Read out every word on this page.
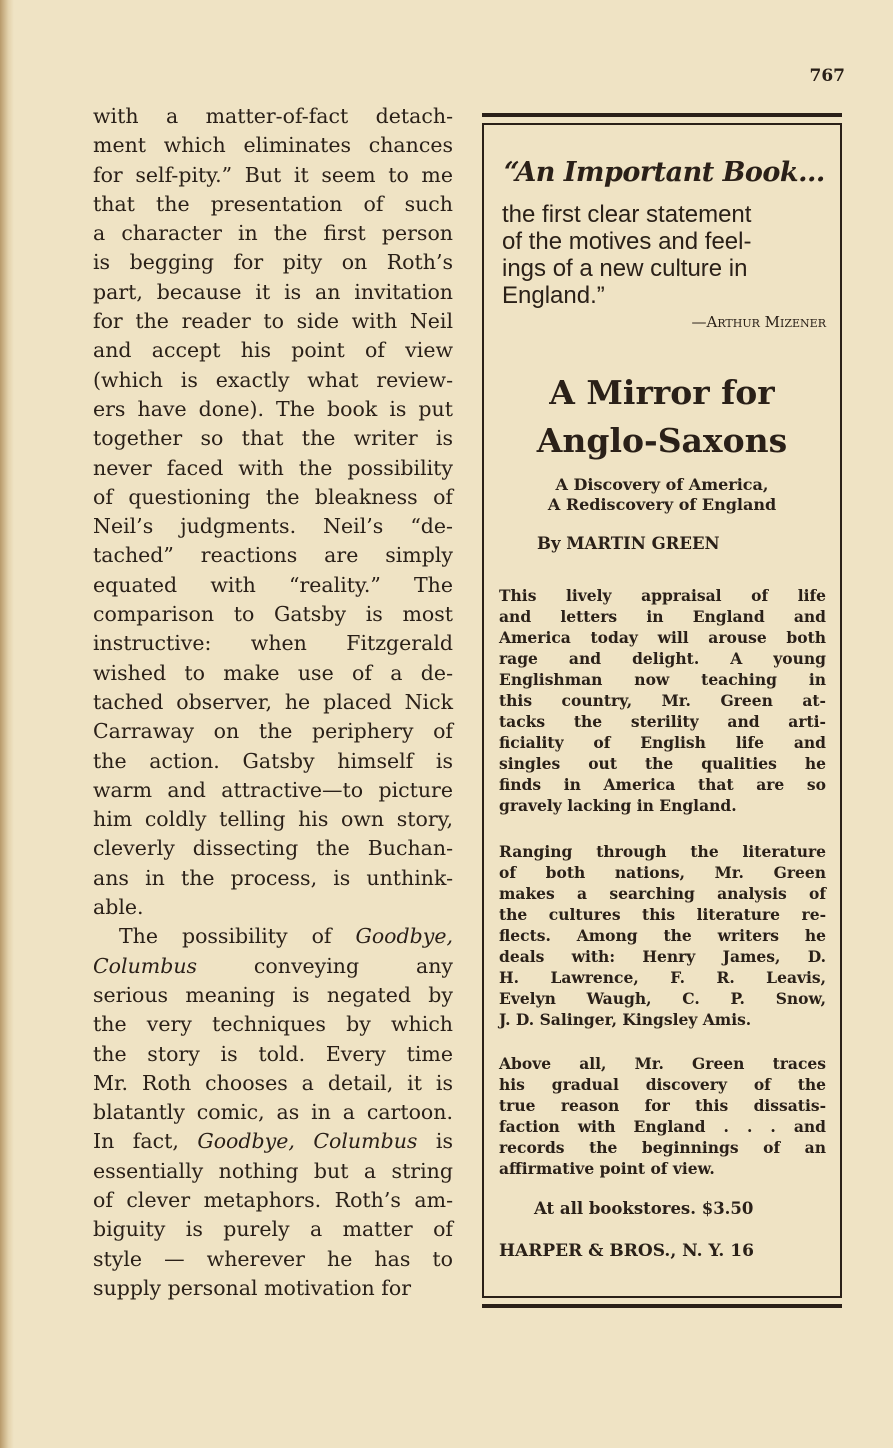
767
with a matter-of-fact detach-
ment which eliminates chances
for self-pity.” But it seem to me
that the presentation of such
a character in the first person
is begging for pity on Roth’s
part, because it is an invitation
for the reader to side with Neil
and accept his point of view
(which is exactly what review-
ers have done). The book is put
together so that the writer is
never faced with the possibility
of questioning the bleakness of
Neil’s judgments. Neil’s “de-
tached” reactions are simply
equated with “reality.” The
comparison to Gatsby is most
instructive: when Fitzgerald
wished to make use of a de-
tached observer, he placed Nick
Carraway on the periphery of
the action. Gatsby himself is
warm and attractive—to picture
him coldly telling his own story,
cleverly dissecting the Buchan-
ans in the process, is unthink-
able.
The possibility of Goodbye,
Columbus conveying any
serious meaning is negated by
the very techniques by which
the story is told. Every time
Mr. Roth chooses a detail, it is
blatantly comic, as in a cartoon.
In fact, Goodbye, Columbus is
essentially nothing but a string
of clever metaphors. Roth’s am-
biguity is purely a matter of
style — wherever he has to
supply personal motivation for
“An Important Book...
the first clear statement
of the motives and feel-
ings of a new culture in
England.”
—Arthur Mizener
A Mirror for
Anglo-Saxons
A Discovery of America,
A Rediscovery of England
By MARTIN GREEN
This lively appraisal of life
and letters in England and
America today will arouse both
rage and delight. A young
Englishman now teaching in
this country, Mr. Green at-
tacks the sterility and arti-
ficiality of English life and
singles out the qualities he
finds in America that are so
gravely lacking in England.
Ranging through the literature
of both nations, Mr. Green
makes a searching analysis of
the cultures this literature re-
flects. Among the writers he
deals with: Henry James, D.
H. Lawrence, F. R. Leavis,
Evelyn Waugh, C. P. Snow,
J. D. Salinger, Kingsley Amis.
Above all, Mr. Green traces
his gradual discovery of the
true reason for this dissatis-
faction with England . . . and
records the beginnings of an
affirmative point of view.
At all bookstores. $3.50
HARPER & BROS., N. Y. 16
